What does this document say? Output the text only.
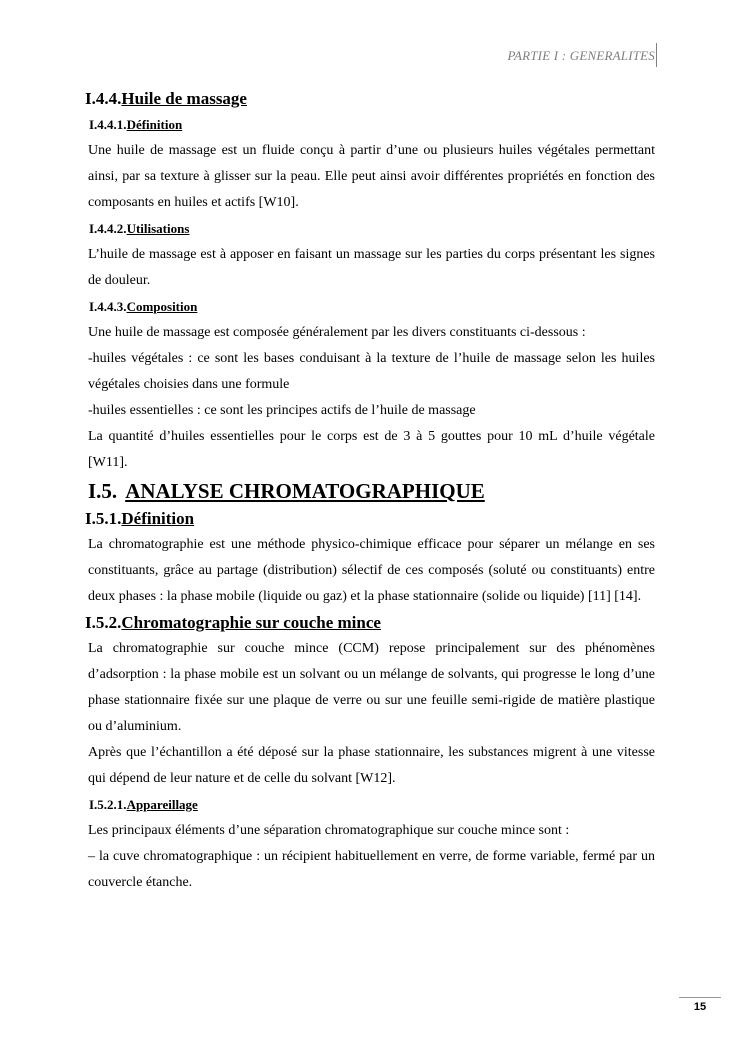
PARTIE I : GENERALITES
I.4.4.Huile de massage
I.4.4.1.Définition

Une huile de massage est un fluide conçu à partir d’une ou plusieurs huiles végétales permettant ainsi, par sa texture à glisser sur la peau. Elle peut ainsi avoir différentes propriétés en fonction des composants en huiles et actifs [W10].

I.4.4.2.Utilisations

L’huile de massage est à apposer en faisant un massage sur les parties du corps présentant les signes de douleur.

I.4.4.3.Composition

Une huile de massage est composée généralement par les divers constituants ci-dessous :

-huiles végétales : ce sont les bases conduisant à la texture de l’huile de massage selon les huiles végétales choisies dans une formule

-huiles essentielles : ce sont les principes actifs de l’huile de massage

La quantité d’huiles essentielles pour le corps est de 3 à 5 gouttes pour 10 mL d’huile végétale [W11].

I.5. ANALYSE CHROMATOGRAPHIQUE
I.5.1.Définition

La chromatographie est une méthode physico-chimique efficace pour séparer un mélange en ses constituants, grâce au partage (distribution) sélectif de ces composés (soluté ou constituants) entre deux phases : la phase mobile (liquide ou gaz) et la phase stationnaire (solide ou liquide) [11] [14].

I.5.2.Chromatographie sur couche mince

La chromatographie sur couche mince (CCM) repose principalement sur des phénomènes d’adsorption : la phase mobile est un solvant ou un mélange de solvants, qui progresse le long d’une phase stationnaire fixée sur une plaque de verre ou sur une feuille semi-rigide de matière plastique ou d’aluminium.

Après que l’échantillon a été déposé sur la phase stationnaire, les substances migrent à une vitesse qui dépend de leur nature et de celle du solvant [W12].

I.5.2.1.Appareillage

Les principaux éléments d’une séparation chromatographique sur couche mince sont :

– la cuve chromatographique : un récipient habituellement en verre, de forme variable, fermé par un couvercle étanche.

15
